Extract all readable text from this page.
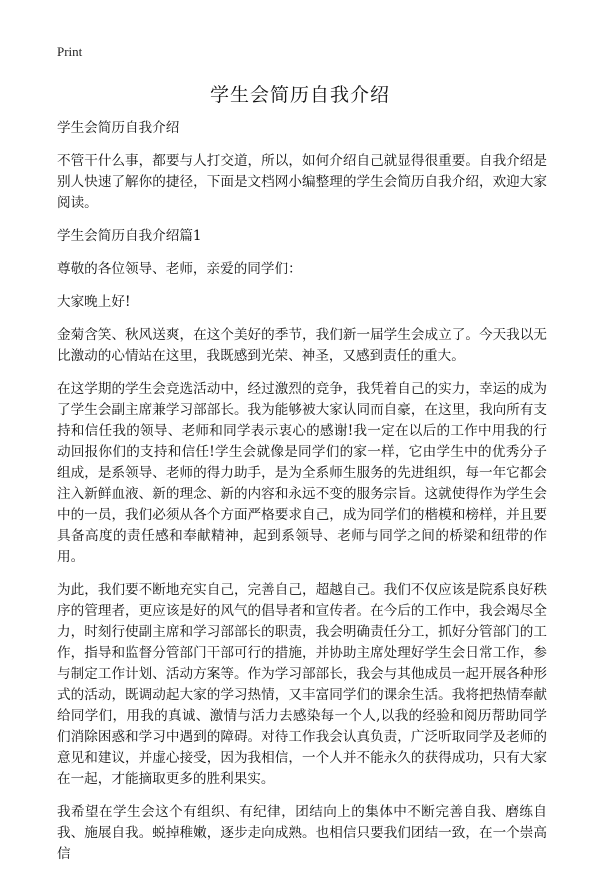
Print
学生会简历自我介绍

学生会简历自我介绍

不管干什么事，都要与人打交道，所以，如何介绍自己就显得很重要。自我介绍是别人快速了解你的捷径，下面是文档网小编整理的学生会简历自我介绍，欢迎大家阅读。

学生会简历自我介绍篇1

尊敬的各位领导、老师，亲爱的同学们：

大家晚上好!

金菊含笑、秋风送爽，在这个美好的季节，我们新一届学生会成立了。今天我以无比激动的心情站在这里，我既感到光荣、神圣，又感到责任的重大。

在这学期的学生会竞选活动中，经过激烈的竞争，我凭着自己的实力，幸运的成为了学生会副主席兼学习部部长。我为能够被大家认同而自豪，在这里，我向所有支持和信任我的领导、老师和同学表示衷心的感谢!我一定在以后的工作中用我的行动回报你们的支持和信任!学生会就像是同学们的家一样，它由学生中的优秀分子组成，是系领导、老师的得力助手，是为全系师生服务的先进组织，每一年它都会注入新鲜血液、新的理念、新的内容和永远不变的服务宗旨。这就使得作为学生会中的一员，我们必须从各个方面严格要求自己，成为同学们的楷模和榜样，并且要具备高度的责任感和奉献精神，起到系领导、老师与同学之间的桥梁和纽带的作用。

为此，我们要不断地充实自己，完善自己，超越自己。我们不仅应该是院系良好秩序的管理者，更应该是好的风气的倡导者和宣传者。在今后的工作中，我会竭尽全力，时刻行使副主席和学习部部长的职责，我会明确责任分工，抓好分管部门的工作，指导和监督分管部门干部可行的措施，并协助主席处理好学生会日常工作，参与制定工作计划、活动方案等。作为学习部部长，我会与其他成员一起开展各种形式的活动，既调动起大家的学习热情，又丰富同学们的课余生活。我将把热情奉献给同学们，用我的真诚、激情与活力去感染每一个人,以我的经验和阅历帮助同学们消除困惑和学习中遇到的障碍。对待工作我会认真负责，广泛听取同学及老师的意见和建议，并虚心接受，因为我相信，一个人并不能永久的获得成功，只有大家在一起，才能摘取更多的胜利果实。

我希望在学生会这个有组织、有纪律，团结向上的集体中不断完善自我、磨练自我、施展自我。蜕掉稚嫩，逐步走向成熟。也相信只要我们团结一致，在一个崇高信
